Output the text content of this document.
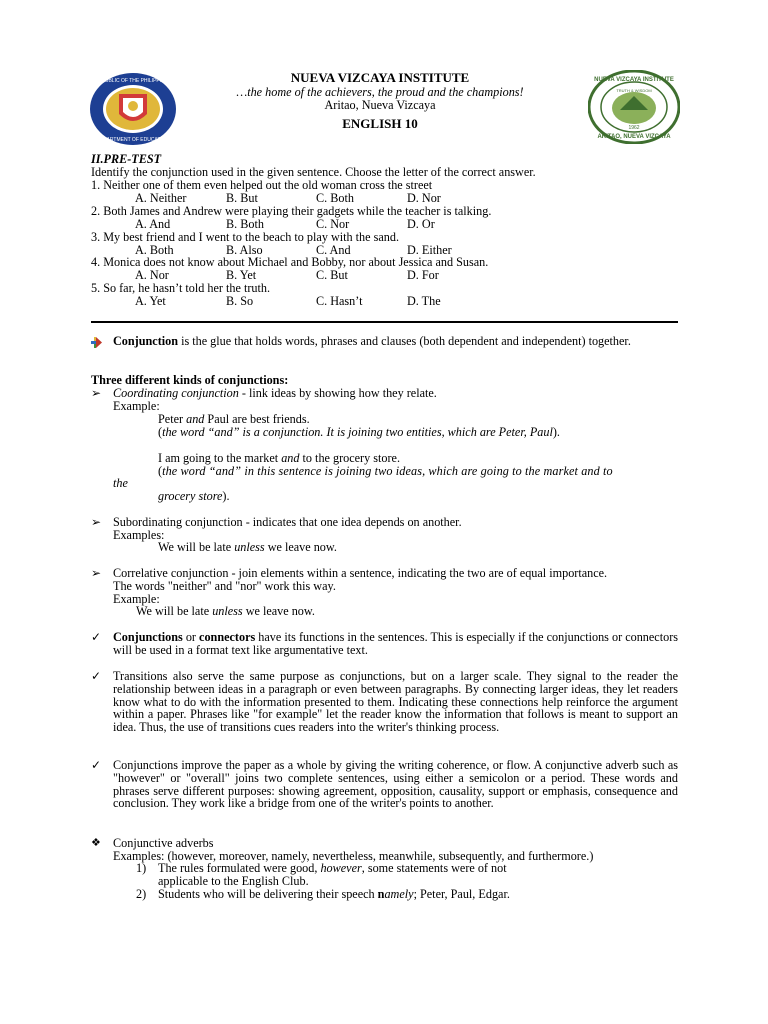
REPUBLIC OF THE PHILIPPINES
DEPARTMENT OF EDUCATION
NUEVA VIZCAYA INSTITUTE
ARITAO, NUEVA VIZCAYA
TRUTH & WISDOM
1962
NUEVA VIZCAYA INSTITUTE
…the home of the achievers, the proud and the champions!
Aritao, Nueva Vizcaya
ENGLISH 10
II.PRE-TEST
Identify the conjunction used in the given sentence. Choose the letter of the correct answer.
1. Neither one of them even helped out the old woman cross the street
A. Neither	B. But	C. Both	D. Nor
2. Both James and Andrew were playing their gadgets while the teacher is talking.
A. And	B. Both	C. Nor	D. Or
3. My best friend and I went to the beach to play with the sand.
A. Both	B. Also	C. And	D. Either
4. Monica does not know about Michael and Bobby, nor about Jessica and Susan.
A. Nor	B. Yet	C. But	D. For
5. So far, he hasn’t told her the truth.
A. Yet	B. So	C. Hasn’t	D. The
Conjunction is the glue that holds words, phrases and clauses (both dependent and independent) together.
Three different kinds of conjunctions:
➢ Coordinating conjunction - link ideas by showing how they relate.
Example:
Peter and Paul are best friends.
(the word “and” is a conjunction. It is joining two entities, which are Peter, Paul).
I am going to the market and to the grocery store.
(the word “and” in this sentence is joining two ideas, which are going to the market and to
the
grocery store).
➢ Subordinating conjunction - indicates that one idea depends on another.
Examples:
We will be late unless we leave now.
➢ Correlative conjunction - join elements within a sentence, indicating the two are of equal importance.
The words "neither" and "nor" work this way.
Example:
We will be late unless we leave now.
✓ Conjunctions or connectors have its functions in the sentences. This is especially if the conjunctions or connectors will be used in a format text like argumentative text.
✓ Transitions also serve the same purpose as conjunctions, but on a larger scale. They signal to the reader the relationship between ideas in a paragraph or even between paragraphs. By connecting larger ideas, they let readers know what to do with the information presented to them. Indicating these connections help reinforce the argument within a paper. Phrases like "for example" let the reader know the information that follows is meant to support an idea. Thus, the use of transitions cues readers into the writer's thinking process.
✓ Conjunctions improve the paper as a whole by giving the writing coherence, or flow. A conjunctive adverb such as "however" or "overall" joins two complete sentences, using either a semicolon or a period. These words and phrases serve different purposes: showing agreement, opposition, causality, support or emphasis, consequence and conclusion. They work like a bridge from one of the writer's points to another.
❖ Conjunctive adverbs
Examples: (however, moreover, namely, nevertheless, meanwhile, subsequently, and furthermore.)
1) The rules formulated were good, however, some statements were of not
applicable to the English Club.
2) Students who will be delivering their speech namely; Peter, Paul, Edgar.
